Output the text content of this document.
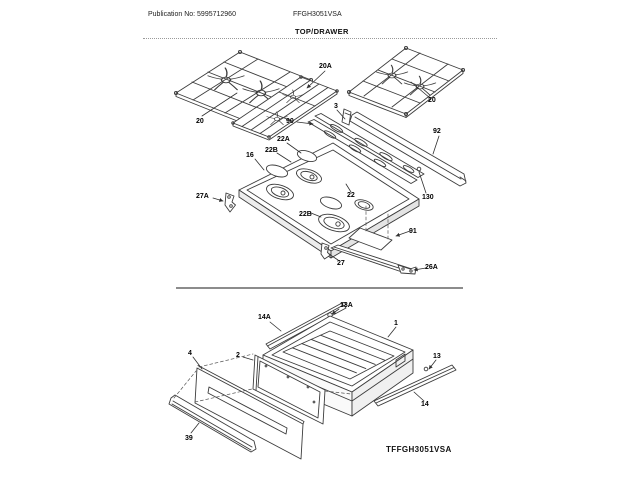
Publication No: 5995712960	FFGH3051VSA
TOP/DRAWER
20
20A
20
3
90
92
22A
22B
16
22	130
27A
22B
27
91
26A
14A
13A
1
4	2	13
14
39
TFFGH3051VSA
